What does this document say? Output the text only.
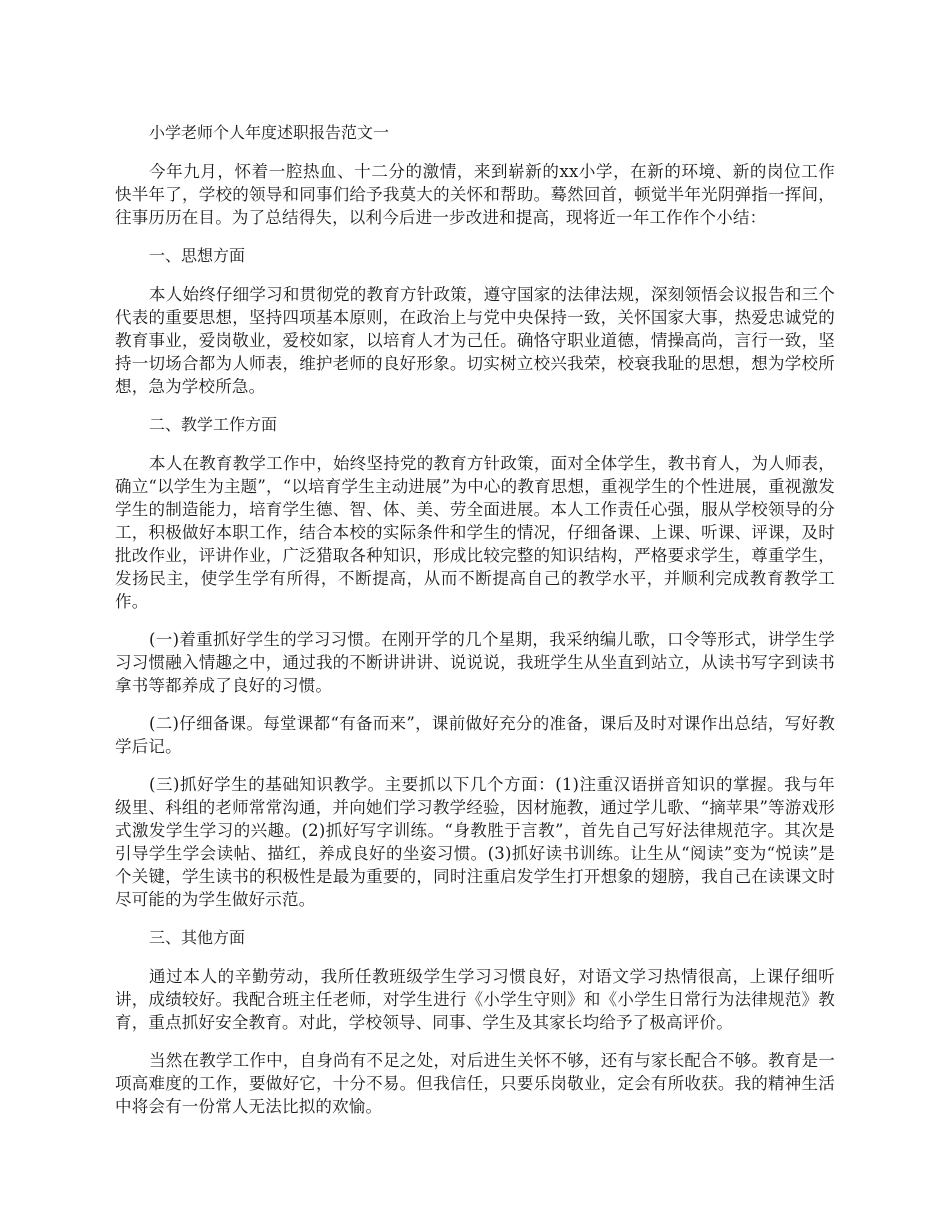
小学老师个人年度述职报告范文一

今年九月，怀着一腔热血、十二分的激情，来到崭新的xx小学，在新的环境、新的岗位工作快半年了，学校的领导和同事们给予我莫大的关怀和帮助。蓦然回首，顿觉半年光阴弹指一挥间，往事历历在目。为了总结得失，以利今后进一步改进和提高，现将近一年工作作个小结：

一、思想方面

本人始终仔细学习和贯彻党的教育方针政策，遵守国家的法律法规，深刻领悟会议报告和三个代表的重要思想，坚持四项基本原则，在政治上与党中央保持一致，关怀国家大事，热爱忠诚党的教育事业，爱岗敬业，爱校如家，以培育人才为己任。确恪守职业道德，情操高尚，言行一致，坚持一切场合都为人师表，维护老师的良好形象。切实树立校兴我荣，校衰我耻的思想，想为学校所想，急为学校所急。

二、教学工作方面

本人在教育教学工作中，始终坚持党的教育方针政策，面对全体学生，教书育人，为人师表，确立“以学生为主题”，“以培育学生主动进展”为中心的教育思想，重视学生的个性进展，重视激发学生的制造能力，培育学生德、智、体、美、劳全面进展。本人工作责任心强，服从学校领导的分工，积极做好本职工作，结合本校的实际条件和学生的情况，仔细备课、上课、听课、评课，及时批改作业，评讲作业，广泛猎取各种知识，形成比较完整的知识结构，严格要求学生，尊重学生，发扬民主，使学生学有所得，不断提高，从而不断提高自己的教学水平，并顺利完成教育教学工作。

(一)着重抓好学生的学习习惯。在刚开学的几个星期，我采纳编儿歌，口令等形式，讲学生学习习惯融入情趣之中，通过我的不断讲讲讲、说说说，我班学生从坐直到站立，从读书写字到读书拿书等都养成了良好的习惯。

(二)仔细备课。每堂课都“有备而来”，课前做好充分的准备，课后及时对课作出总结，写好教学后记。

(三)抓好学生的基础知识教学。主要抓以下几个方面：(1)注重汉语拼音知识的掌握。我与年级里、科组的老师常常沟通，并向她们学习教学经验，因材施教，通过学儿歌、“摘苹果”等游戏形式激发学生学习的兴趣。(2)抓好写字训练。“身教胜于言教”，首先自己写好法律规范字。其次是引导学生学会读帖、描红，养成良好的坐姿习惯。(3)抓好读书训练。让生从“阅读”变为“悦读”是个关键，学生读书的积极性是最为重要的，同时注重启发学生打开想象的翅膀，我自己在读课文时尽可能的为学生做好示范。

三、其他方面

通过本人的辛勤劳动，我所任教班级学生学习习惯良好，对语文学习热情很高，上课仔细听讲，成绩较好。我配合班主任老师，对学生进行《小学生守则》和《小学生日常行为法律规范》教育，重点抓好安全教育。对此，学校领导、同事、学生及其家长均给予了极高评价。

当然在教学工作中，自身尚有不足之处，对后进生关怀不够，还有与家长配合不够。教育是一项高难度的工作，要做好它，十分不易。但我信任，只要乐岗敬业，定会有所收获。我的精神生活中将会有一份常人无法比拟的欢愉。
